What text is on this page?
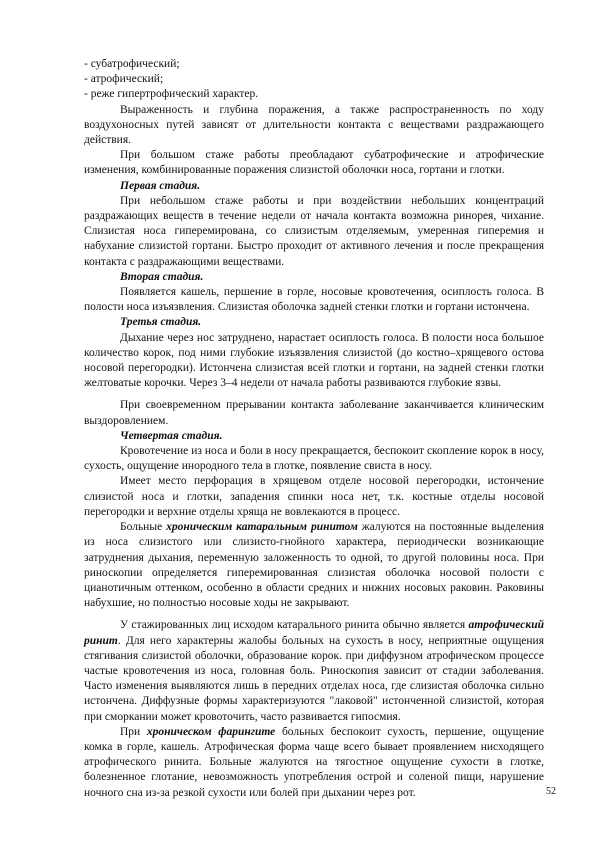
- субатрофический;

- атрофический;

- реже гипертрофический характер.

Выраженность и глубина поражения, а также распространенность по ходу воздухоносных путей зависят от длительности контакта с веществами раздражающего действия.

При большом стаже работы преобладают субатрофические и атрофические изменения, комбинированные поражения слизистой оболочки носа, гортани и глотки.

Первая стадия.

При небольшом стаже работы и при воздействии небольших концентраций раздражающих веществ в течение недели от начала контакта возможна ринорея, чихание. Слизистая носа гиперемирована, со слизистым отделяемым, умеренная гиперемия и набухание слизистой гортани. Быстро проходит от активного лечения и после прекращения контакта с раздражающими веществами.

Вторая стадия.

Появляется кашель, першение в горле, носовые кровотечения, осиплость голоса. В полости носа изъязвления. Слизистая оболочка задней стенки глотки и гортани истончена.

Третья стадия.

Дыхание через нос затруднено, нарастает осиплость голоса. В полости носа большое количество корок, под ними глубокие изъязвления слизистой (до костно–хрящевого остова носовой перегородки). Истончена слизистая всей глотки и гортани, на задней стенки глотки желтоватые корочки. Через 3–4 недели от начала работы развиваются глубокие язвы.

При своевременном прерывании контакта заболевание заканчивается клиническим выздоровлением.

Четвертая стадия.

Кровотечение из носа и боли в носу прекращается, беспокоит скопление корок в носу, сухость, ощущение инородного тела в глотке, появление свиста в носу.

Имеет место перфорация в хрящевом отделе носовой перегородки, истончение слизистой носа и глотки, западения спинки носа нет, т.к. костные отделы носовой перегородки и верхние отделы хряща не вовлекаются в процесс.

Больные хроническим катаральным ринитом жалуются на постоянные выделения из носа слизистого или слизисто-гнойного характера, периодически возникающие затруднения дыхания, переменную заложенность то одной, то другой половины носа. При риноскопии определяется гиперемированная слизистая оболочка носовой полости с цианотичным оттенком, особенно в области средних и нижних носовых раковин. Раковины набухшие, но полностью носовые ходы не закрывают.

У стажированных лиц исходом катарального ринита обычно является атрофический ринит. Для него характерны жалобы больных на сухость в носу, неприятные ощущения стягивания слизистой оболочки, образование корок. при диффузном атрофическом процессе частые кровотечения из носа, головная боль. Риноскопия зависит от стадии заболевания. Часто изменения выявляются лишь в передних отделах носа, где слизистая оболочка сильно истончена. Диффузные формы характеризуются "лаковой" истонченной слизистой, которая при сморкании может кровоточить, часто развивается гипосмия.

При хроническом фарингите больных беспокоит сухость, першение, ощущение комка в горле, кашель. Атрофическая форма чаще всего бывает проявлением нисходящего атрофического ринита. Больные жалуются на тягостное ощущение сухости в глотке, болезненное глотание, невозможность употребления острой и соленой пищи, нарушение ночного сна из-за резкой сухости или болей при дыхании через рот.	52
